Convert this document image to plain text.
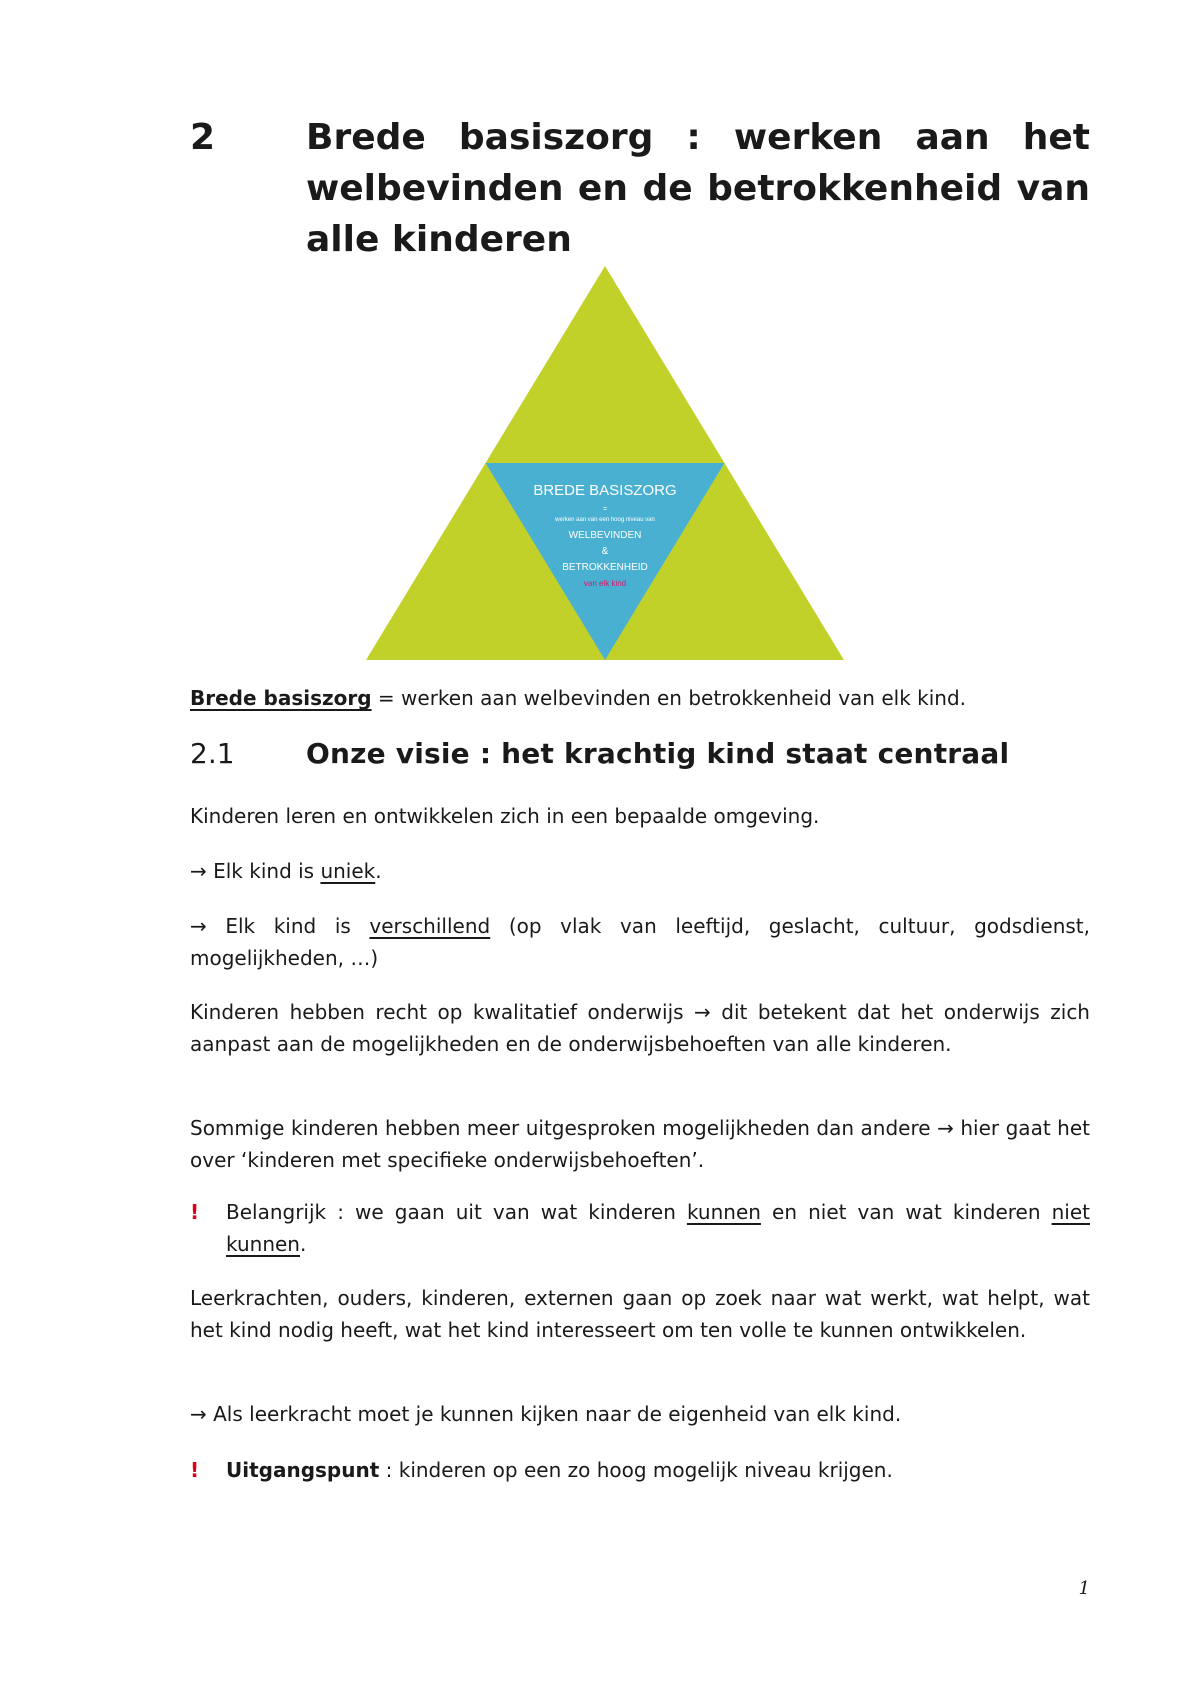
2	Brede basiszorg : werken aan het welbevinden en de betrokkenheid van alle kinderen
BREDE BASISZORG
=
werken aan van een hoog niveau van
WELBEVINDEN
&
BETROKKENHEID
van elk kind

Brede basiszorg = werken aan welbevinden en betrokkenheid van elk kind.

2.1	Onze visie : het krachtig kind staat centraal

Kinderen leren en ontwikkelen zich in een bepaalde omgeving.

→ Elk kind is uniek.

→ Elk kind is verschillend (op vlak van leeftijd, geslacht, cultuur, godsdienst, mogelijkheden, …)

Kinderen hebben recht op kwalitatief onderwijs → dit betekent dat het onderwijs zich aanpast aan de mogelijkheden en de onderwijsbehoeften van alle kinderen.

Sommige kinderen hebben meer uitgesproken mogelijkheden dan andere → hier gaat het over ‘kinderen met specifieke onderwijsbehoeften’.

! Belangrijk : we gaan uit van wat kinderen kunnen en niet van wat kinderen niet kunnen.

Leerkrachten, ouders, kinderen, externen gaan op zoek naar wat werkt, wat helpt, wat het kind nodig heeft, wat het kind interesseert om ten volle te kunnen ontwikkelen.

→ Als leerkracht moet je kunnen kijken naar de eigenheid van elk kind.

! Uitgangspunt : kinderen op een zo hoog mogelijk niveau krijgen.
1
